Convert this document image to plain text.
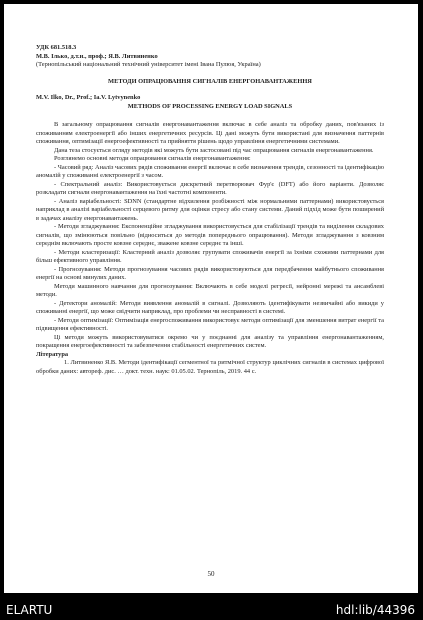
УДК 681.518.3
М.В. Ілько, д.т.н., проф.; Я.В. Литвиненко
(Тернопільський національний технічний університет імені Івана Пулюя, Україна)
МЕТОДИ ОПРАЦЮВАННЯ СИГНАЛІВ ЕНЕРГОНАВАНТАЖЕННЯ
M.V. Ilko, Dr., Prof.; Ia.V. Lytvynenko
METHODS OF PROCESSING ENERGY LOAD SIGNALS

В загальному опрацювання сигналів енергонавантаження включає в себе аналіз та обробку даних, пов'язаних із споживанням електроенергії або інших енергетичних ресурсів. Ці дані можуть бути використані для визначення паттернів споживання, оптимізації енергоефективності та прийняття рішень щодо управління енергетичними системами.

Дана теза стосується огляду методів які можуть бути застосовані під час опрацювання сигналів енергонавантаження.

Розглянемо основні методи опрацювання сигналів енергонавантаження:

- Часовий ряд: Аналіз часових рядів споживання енергії включає в себе визначення трендів, сезонності та ідентифікацію аномалій у споживанні електроенергії з часом.

- Спектральний аналіз: Використовується дискретний перетворювач Фур'є (DFT) або його варіанти. Дозволяє розкладати сигнали енергонавантаження на їхні частотні компоненти.

- Аналіз варіабельності: SDNN (стандартне відхилення розбіжності між нормальними паттернами) використовується наприклад в аналізі варіабельності серцевого ритму для оцінки стресу або стану системи. Даний підхід може бути поширений в задачах аналізу енергонавантажень.

- Методи згладжування: Експоненційне згладжування використовується для стабілізації трендів та виділення складових сигналів, що змінюються повільно (відноситься до методів попереднього опрацювання). Методи згладжування з ковзним середнім включають просте ковзне середнє, зважене ковзне середнє та інші.

- Методи кластеризації: Кластерний аналіз дозволяє групувати споживачів енергії за їхніми схожими паттернами для більш ефективного управління.

- Прогнозування: Методи прогнозування часових рядів використовуються для передбачення майбутнього споживання енергії на основі минулих даних.

Методи машинного навчання для прогнозування: Включають в себе моделі регресії, нейронні мережі та ансамблеві методи.

- Детектори аномалій: Методи виявлення аномалій в сигналі. Дозволяють ідентифікувати незвичайні або викиди у споживанні енергії, що може свідчити наприклад, про проблеми чи несправності в системі.

- Методи оптимізації: Оптимізація енергоспоживання використовує методи оптимізації для зменшення витрат енергії та підвищення ефективності.

Ці методи можуть використовуватися окремо чи у поєднанні для аналізу та управління енергонавантаженням, покращення енергоефективності та забезпечення стабільності енергетичних систем.

Література

1. Литвиненко Я.В. Методи ідентифікації сегментної та ритмічної структур циклічних сигналів в системах цифрової обробки даних: автореф. дис. … докт. техн. наук: 01.05.02. Тернопіль, 2019. 44 с.

50
ELARTU	hdl:lib/44396
